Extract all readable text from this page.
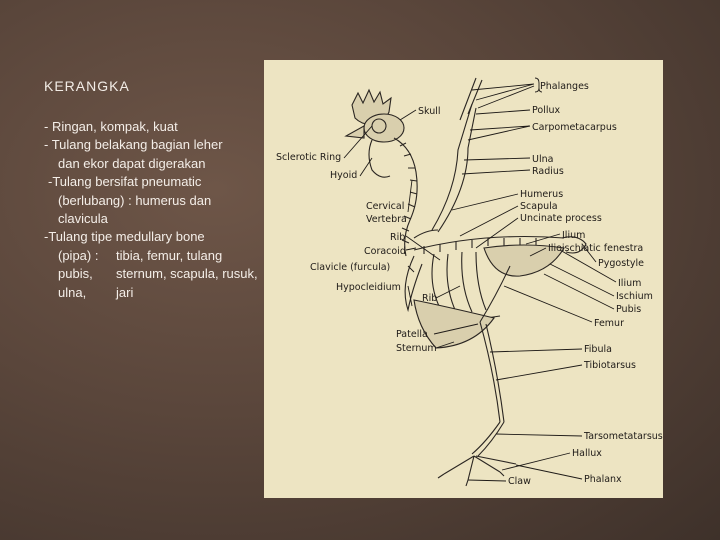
KERANGKA
- Ringan, kompak, kuat
- Tulang belakang bagian leher
dan ekor dapat digerakan
-Tulang bersifat pneumatic
(berlubang) : humerus dan
clavicula
-Tulang tipe medullary bone
(pipa) : tibia, femur, tulang
pubis, sternum, scapula, rusuk,
ulna, jari
Phalanges
Skull	Pollux
Carpometacarpus
Sclerotic Ring
Hyoid
Ulna
Radius
Humerus
Scapula
Cervical
Vertebra	Uncinate process
Rib	Ilium
Coracoid	Ilioischiatic fenestra
Clavicle (furcula)	Pygostyle
Ilium
Hypocleidium
Ischium
Rib
Pubis
Femur
Patella
Sternum	Fibula
Tibiotarsus
Tarsometatarsus
Hallux
Phalanx
Claw
